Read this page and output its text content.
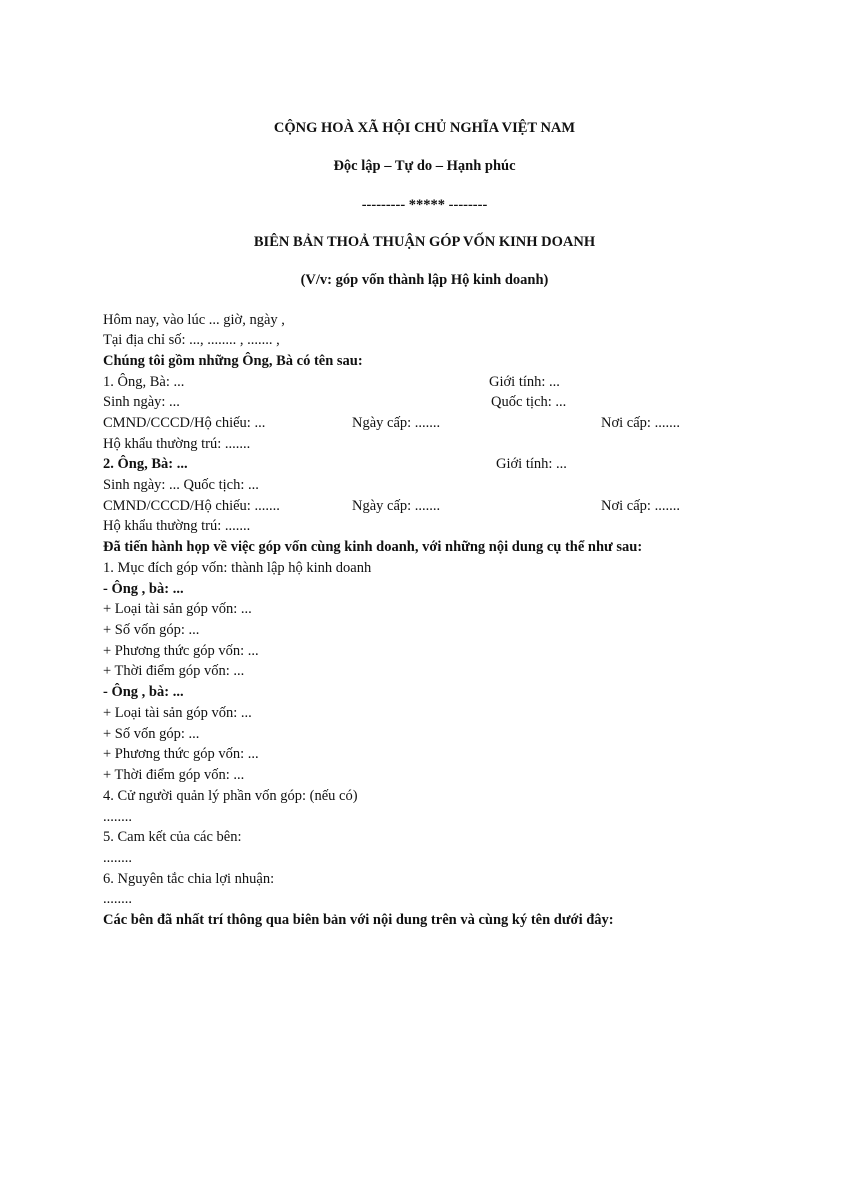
CỘNG HOÀ XÃ HỘI CHỦ NGHĨA VIỆT NAM
Độc lập – Tự do – Hạnh phúc
--------- ***** --------
BIÊN BẢN THOẢ THUẬN GÓP VỐN KINH DOANH
(V/v: góp vốn thành lập Hộ kinh doanh)
Hôm nay, vào lúc ... giờ, ngày ,
Tại địa chỉ số: ..., ........ , ....... ,
Chúng tôi gồm những Ông, Bà có tên sau:
1. Ông, Bà: ...	Giới tính: ...
Sinh ngày: ...	Quốc tịch: ...
CMND/CCCD/Hộ chiếu: ...	Ngày cấp: .......	Nơi cấp: .......
Hộ khẩu thường trú: .......
2. Ông, Bà: ...	Giới tính: ...
Sinh ngày: ... Quốc tịch: ...
CMND/CCCD/Hộ chiếu: .......	Ngày cấp: .......	Nơi cấp: .......
Hộ khẩu thường trú: .......
Đã tiến hành họp về việc góp vốn cùng kinh doanh, với những nội dung cụ thể như sau:
1. Mục đích góp vốn: thành lập hộ kinh doanh
- Ông , bà: ...
+ Loại tài sản góp vốn: ...
+ Số vốn góp: ...
+ Phương thức góp vốn: ...
+ Thời điểm góp vốn: ...
- Ông , bà: ...
+ Loại tài sản góp vốn: ...
+ Số vốn góp: ...
+ Phương thức góp vốn: ...
+ Thời điểm góp vốn: ...
4. Cử người quản lý phần vốn góp: (nếu có)
........
5. Cam kết của các bên:
........
6. Nguyên tắc chia lợi nhuận:
........
Các bên đã nhất trí thông qua biên bản với nội dung trên và cùng ký tên dưới đây:
